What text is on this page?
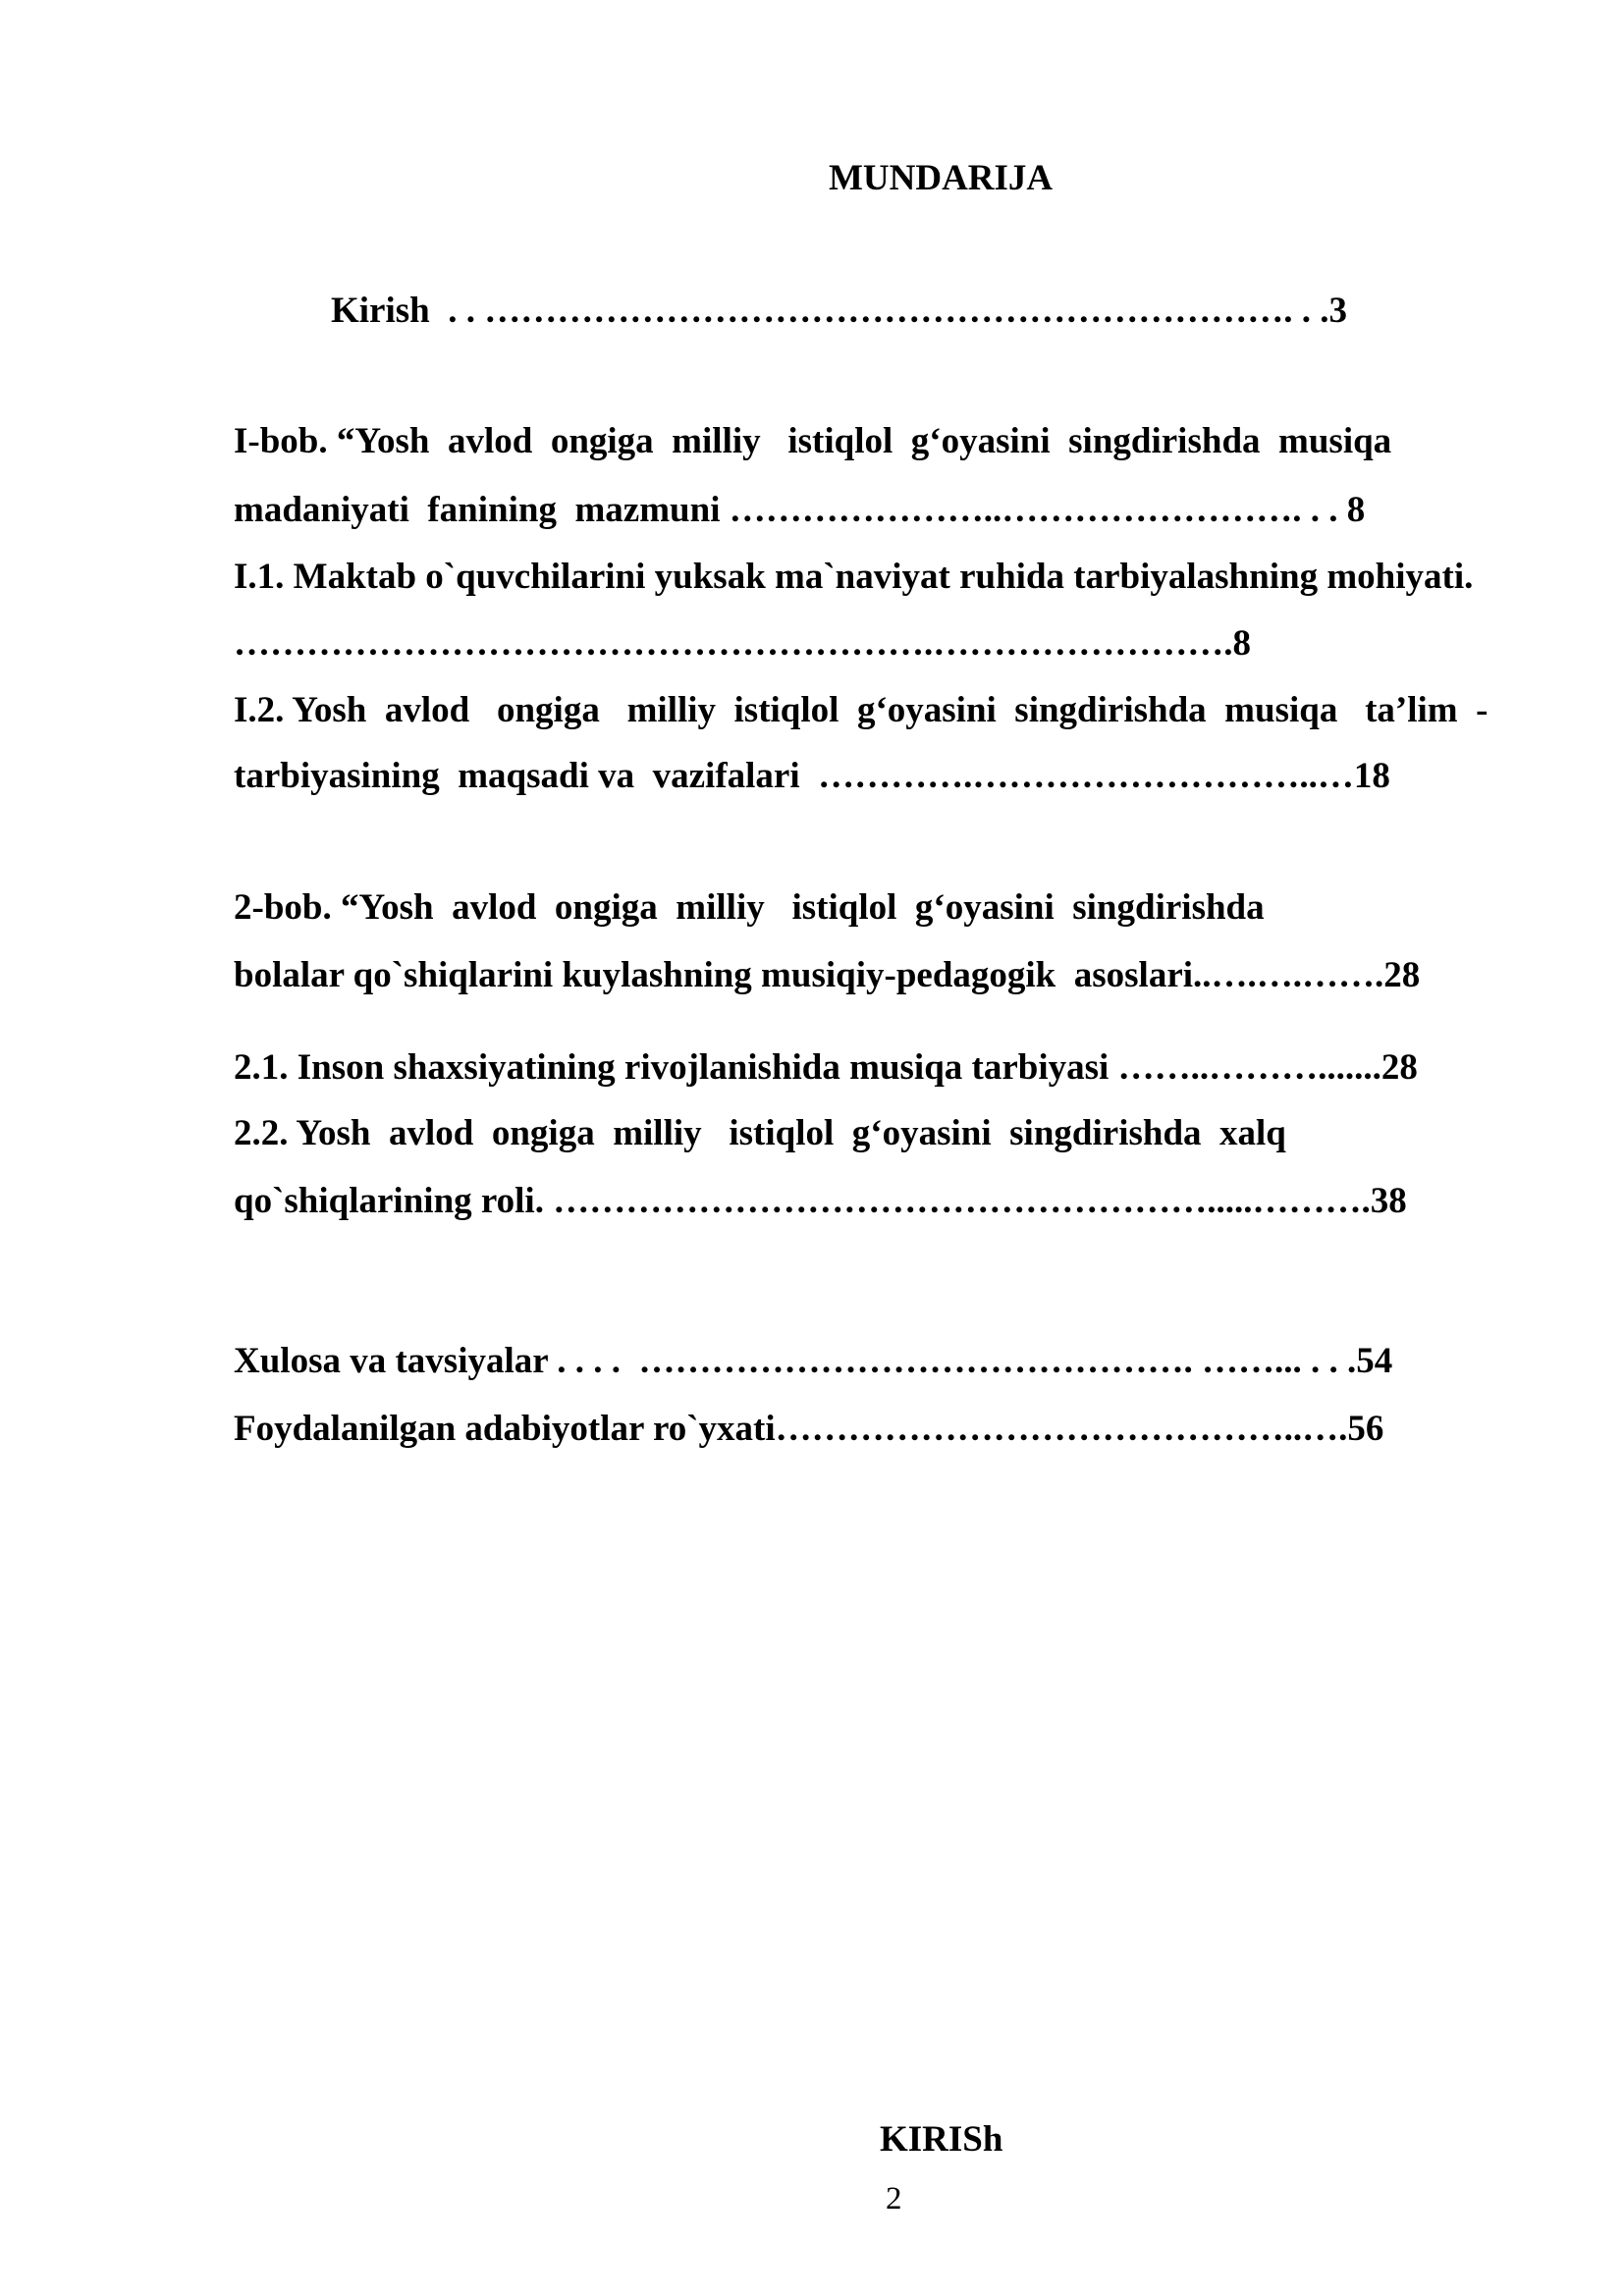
MUNDARIJA
Kirish  . . …………………………………………………………. . .3
I-bob. “Yosh  avlod  ongiga  milliy   istiqlol  g‘oyasini  singdirishda  musiqa
madaniyati  fanining  mazmuni …………………..……………………. . . 8
I.1. Maktab o`quvchilarini yuksak ma`naviyat ruhida tarbiyalashning mohiyati.
………………………………………………….…………………….8
I.2. Yosh  avlod   ongiga   milliy  istiqlol  g‘oyasini  singdirishda  musiqa   ta’lim  -
tarbiyasining  maqsadi va  vazifalari  ………….………………………..…18
2-bob. “Yosh  avlod  ongiga  milliy   istiqlol  g‘oyasini  singdirishda
bolalar qo`shiqlarini kuylashning musiqiy-pedagogik  asoslari..….….…….28
2.1. Inson shaxsiyatining rivojlanishida musiqa tarbiyasi ……..……….......28
2.2. Yosh  avlod  ongiga  milliy   istiqlol  g‘oyasini  singdirishda  xalq
qo`shiqlarining roli. ……………………………………………….....……….38
Xulosa va tavsiyalar . . . .  ………………………………………. ……... . . .54
Foydalanilgan adabiyotlar ro`yxati……………………………………..….56
KIRISh
2
